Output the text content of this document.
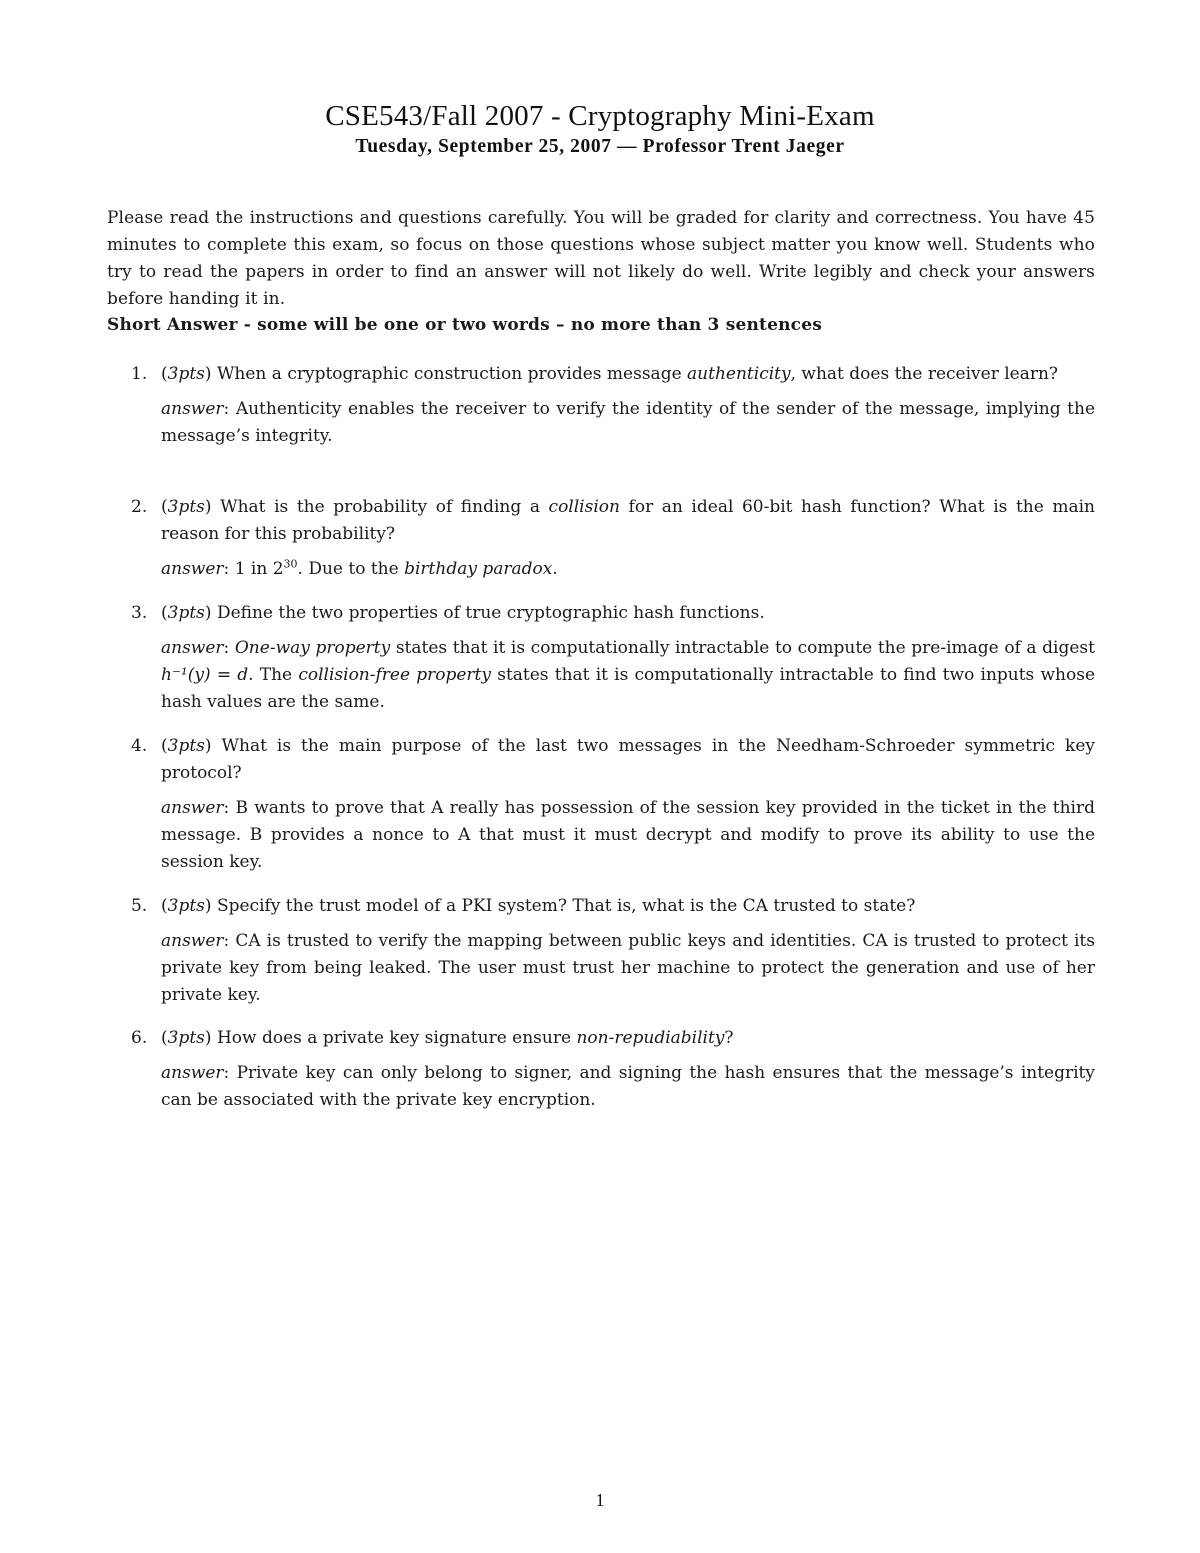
CSE543/Fall 2007 - Cryptography Mini-Exam
Tuesday, September 25, 2007 — Professor Trent Jaeger
Please read the instructions and questions carefully. You will be graded for clarity and correctness. You have 45 minutes to complete this exam, so focus on those questions whose subject matter you know well. Students who try to read the papers in order to find an answer will not likely do well. Write legibly and check your answers before handing it in.
Short Answer - some will be one or two words – no more than 3 sentences
1. (3pts) When a cryptographic construction provides message authenticity, what does the receiver learn?
answer: Authenticity enables the receiver to verify the identity of the sender of the message, implying the message’s integrity.
2. (3pts) What is the probability of finding a collision for an ideal 60-bit hash function? What is the main reason for this probability?
answer: 1 in $2^{30}$. Due to the birthday paradox.
3. (3pts) Define the two properties of true cryptographic hash functions.
answer: One-way property states that it is computationally intractable to compute the pre-image of a digest h⁻¹(y) = d. The collision-free property states that it is computationally intractable to find two inputs whose hash values are the same.
4. (3pts) What is the main purpose of the last two messages in the Needham-Schroeder symmetric key protocol?
answer: B wants to prove that A really has possession of the session key provided in the ticket in the third message. B provides a nonce to A that must it must decrypt and modify to prove its ability to use the session key.
5. (3pts) Specify the trust model of a PKI system? That is, what is the CA trusted to state?
answer: CA is trusted to verify the mapping between public keys and identities. CA is trusted to protect its private key from being leaked. The user must trust her machine to protect the generation and use of her private key.
6. (3pts) How does a private key signature ensure non-repudiability?
answer: Private key can only belong to signer, and signing the hash ensures that the message’s integrity can be associated with the private key encryption.
1
